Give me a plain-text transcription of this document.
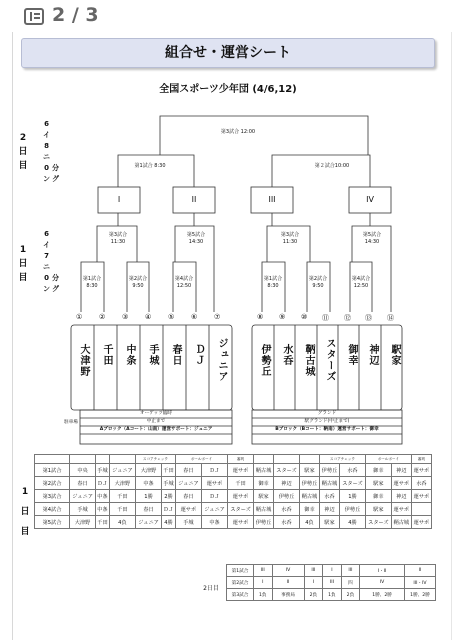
2 / 3
組合せ・運営シート
全国スポーツ少年団 (4/6,12)
2
日
目
6
イ
8
ニ
0
ン
分
グ
1
日
目
6
イ
7
ニ
0
ン
分
グ
第3試合 12:00
第1試合 8:30	第２試合10:00
I	II	III	IV
第3試合
11:30
第5試合
14:30
第3試合
11:30
第5試合
14:30
第1試合
8:30
第2試合
9:50
第4試合
12:50
第1試合
8:30
第2試合
9:50
第4試合
12:50
① ② ③ ④ ⑤ ⑥ ⑦	⑧ ⑨ ⑩ ⑪ ⑫ ⑬ ⑭
大津野 千田 中条 手城 春日 ＤＪ ジュニア	伊勢丘 水呑 鞆古城 スターズ 御幸 神辺 駅家
駐車場
オーゲッツ臨時
中止まで
Aブロック（Aコート：山南）運営サポート：ジュニア
グランド
駅グランド(中止まで)
Bブロック（Bコート：鞆南）運営サポート：御幸
1
日
目
				スコアチェック		ボールボーイ		審判				スコアチェック		ボールボーイ		審判
第1試合	中央	手城	ジュニア	大津野	千田	春日	ＤＪ	運サポ	鞆古城	スターズ	駅家	伊勢丘	水呑	御幸	神辺	運サポ
第2試合	春日	ＤＪ	大津野	中条	手城	ジュニア	運サポ	千田	御幸	神辺	伊勢丘	鞆古城	スターズ	駅家	運サポ	水呑
第3試合	ジュニア	中条	千田	1勝	2勝	春日	ＤＪ	運サポ	駅家	伊勢丘	鞆古城	水呑	1勝	御幸	神辺	運サポ
第4試合	手城	中条	千田	春日	ＤＪ	運サポ	ジュニア	スターズ	鞆古城	水呑	御幸	神辺	伊勢丘	駅家	運サポ	
第5試合	大津野	千田	4負	ジュニア	4勝	手城	中条	運サポ	伊勢丘	水呑	4負	駅家	4勝	スターズ	鞆古城	運サポ
2日目
第1試合	III	IV	III	I	III	I・II	II
第2試合	I	II	I	III	四	IV	III・IV
第3試合	1負	事務局	2負	1負	2負	1勝、2勝	1勝、2勝
